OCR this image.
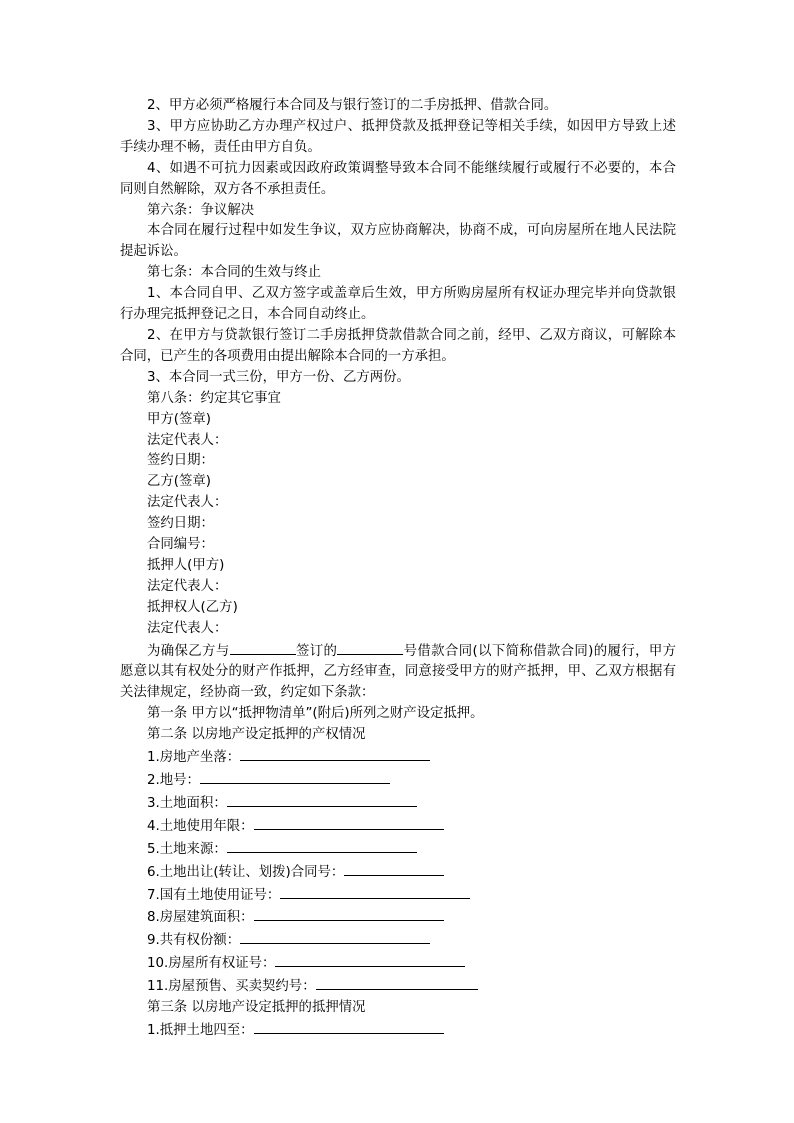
2、甲方必须严格履行本合同及与银行签订的二手房抵押、借款合同。

3、甲方应协助乙方办理产权过户、抵押贷款及抵押登记等相关手续，如因甲方导致上述手续办理不畅，责任由甲方自负。

4、如遇不可抗力因素或因政府政策调整导致本合同不能继续履行或履行不必要的，本合同则自然解除，双方各不承担责任。

第六条：争议解决

本合同在履行过程中如发生争议，双方应协商解决，协商不成，可向房屋所在地人民法院提起诉讼。

第七条：本合同的生效与终止

1、本合同自甲、乙双方签字或盖章后生效，甲方所购房屋所有权证办理完毕并向贷款银行办理完抵押登记之日，本合同自动终止。

2、在甲方与贷款银行签订二手房抵押贷款借款合同之前，经甲、乙双方商议，可解除本合同，已产生的各项费用由提出解除本合同的一方承担。

3、本合同一式三份，甲方一份、乙方两份。

第八条：约定其它事宜

甲方(签章)

法定代表人：

签约日期：

乙方(签章)

法定代表人：

签约日期：

合同编号：

抵押人(甲方)

法定代表人：

抵押权人(乙方)

法定代表人：

为确保乙方与	签订的	号借款合同(以下简称借款合同)的履行，甲方愿意以其有权处分的财产作抵押，乙方经审查，同意接受甲方的财产抵押，甲、乙双方根据有关法律规定，经协商一致，约定如下条款：

第一条 甲方以“抵押物清单”(附后)所列之财产设定抵押。

第二条 以房地产设定抵押的产权情况

1.房地产坐落：

2.地号：

3.土地面积：

4.土地使用年限：

5.土地来源：

6.土地出让(转让、划拨)合同号：

7.国有土地使用证号：

8.房屋建筑面积：

9.共有权份额：

10.房屋所有权证号：

11.房屋预售、买卖契约号：

第三条 以房地产设定抵押的抵押情况

1.抵押土地四至：
